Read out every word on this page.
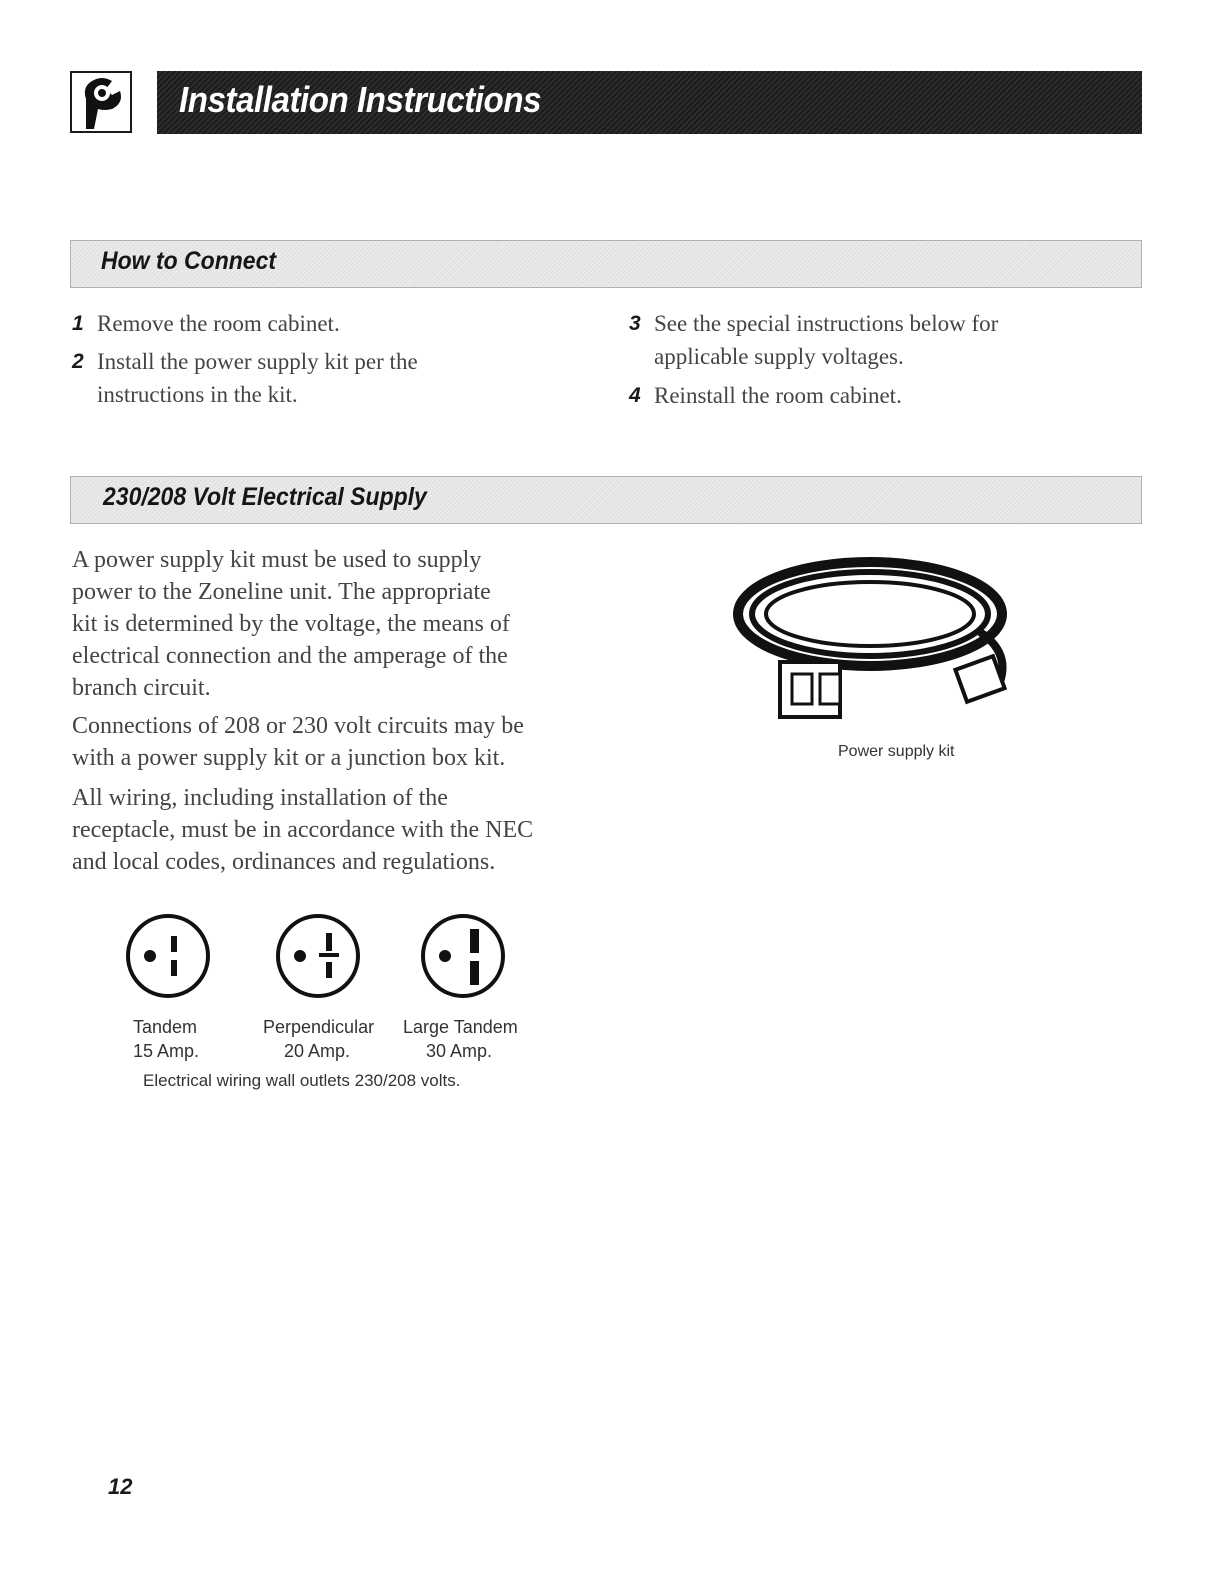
Installation Instructions
How to Connect
1 Remove the room cabinet.
2 Install the power supply kit per the
instructions in the kit.
3 See the special instructions below for
applicable supply voltages.
4 Reinstall the room cabinet.
230/208 Volt Electrical Supply
A power supply kit must be used to supply
power to the Zoneline unit. The appropriate
kit is determined by the voltage, the means of
electrical connection and the amperage of the
branch circuit.
Connections of 208 or 230 volt circuits may be
with a power supply kit or a junction box kit.
All wiring, including installation of the
receptacle, must be in accordance with the NEC
and local codes, ordinances and regulations.
Power supply kit
Tandem
15 Amp.
Perpendicular
20 Amp.
Large Tandem
30 Amp.
Electrical wiring wall outlets 230/208 volts.
12
